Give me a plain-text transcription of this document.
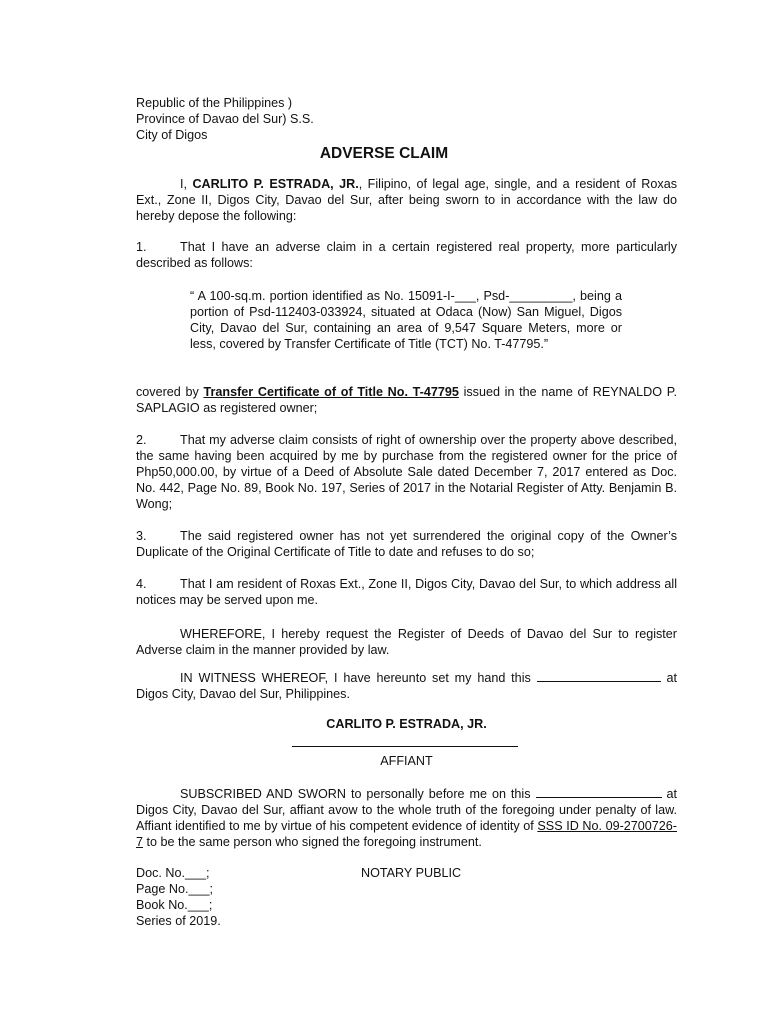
Republic of the Philippines )
Province of Davao del Sur) S.S.
City of Digos
ADVERSE CLAIM

I, CARLITO P. ESTRADA, JR., Filipino, of legal age, single, and a resident of Roxas Ext., Zone II, Digos City, Davao del Sur, after being sworn to in accordance with the law do hereby depose the following:

1.	That I have an adverse claim in a certain registered real property, more particularly described as follows:

“ A 100-sq.m. portion identified as No. 15091-I-___, Psd-_________, being a portion of Psd-112403-033924, situated at Odaca (Now) San Miguel, Digos City, Davao del Sur, containing an area of 9,547 Square Meters, more or less, covered by Transfer Certificate of Title (TCT) No. T-47795.”

covered by Transfer Certificate of of Title No. T-47795 issued in the name of REYNALDO P. SAPLAGIO as registered owner;

2.	That my adverse claim consists of right of ownership over the property above described, the same having been acquired by me by purchase from the registered owner for the price of Php50,000.00, by virtue of a Deed of Absolute Sale dated December 7, 2017 entered as Doc. No. 442, Page No. 89, Book No. 197, Series of 2017 in the Notarial Register of Atty. Benjamin B. Wong;

3.	The said registered owner has not yet surrendered the original copy of the Owner’s Duplicate of the Original Certificate of Title to date and refuses to do so;

4.	That I am resident of Roxas Ext., Zone II, Digos City, Davao del Sur, to which address all notices may be served upon me.

WHEREFORE, I hereby request the Register of Deeds of Davao del Sur to register Adverse claim in the manner provided by law.

IN WITNESS WHEREOF, I have hereunto set my hand this	at Digos City, Davao del Sur, Philippines.

CARLITO P. ESTRADA, JR.
AFFIANT

SUBSCRIBED AND SWORN to personally before me on this	at Digos City, Davao del Sur, affiant avow to the whole truth of the foregoing under penalty of law. Affiant identified to me by virtue of his competent evidence of identity of SSS ID No. 09-2700726-7 to be the same person who signed the foregoing instrument.

Doc. No.___;
Page No.___;
Book No.___;
Series of 2019.
NOTARY PUBLIC
